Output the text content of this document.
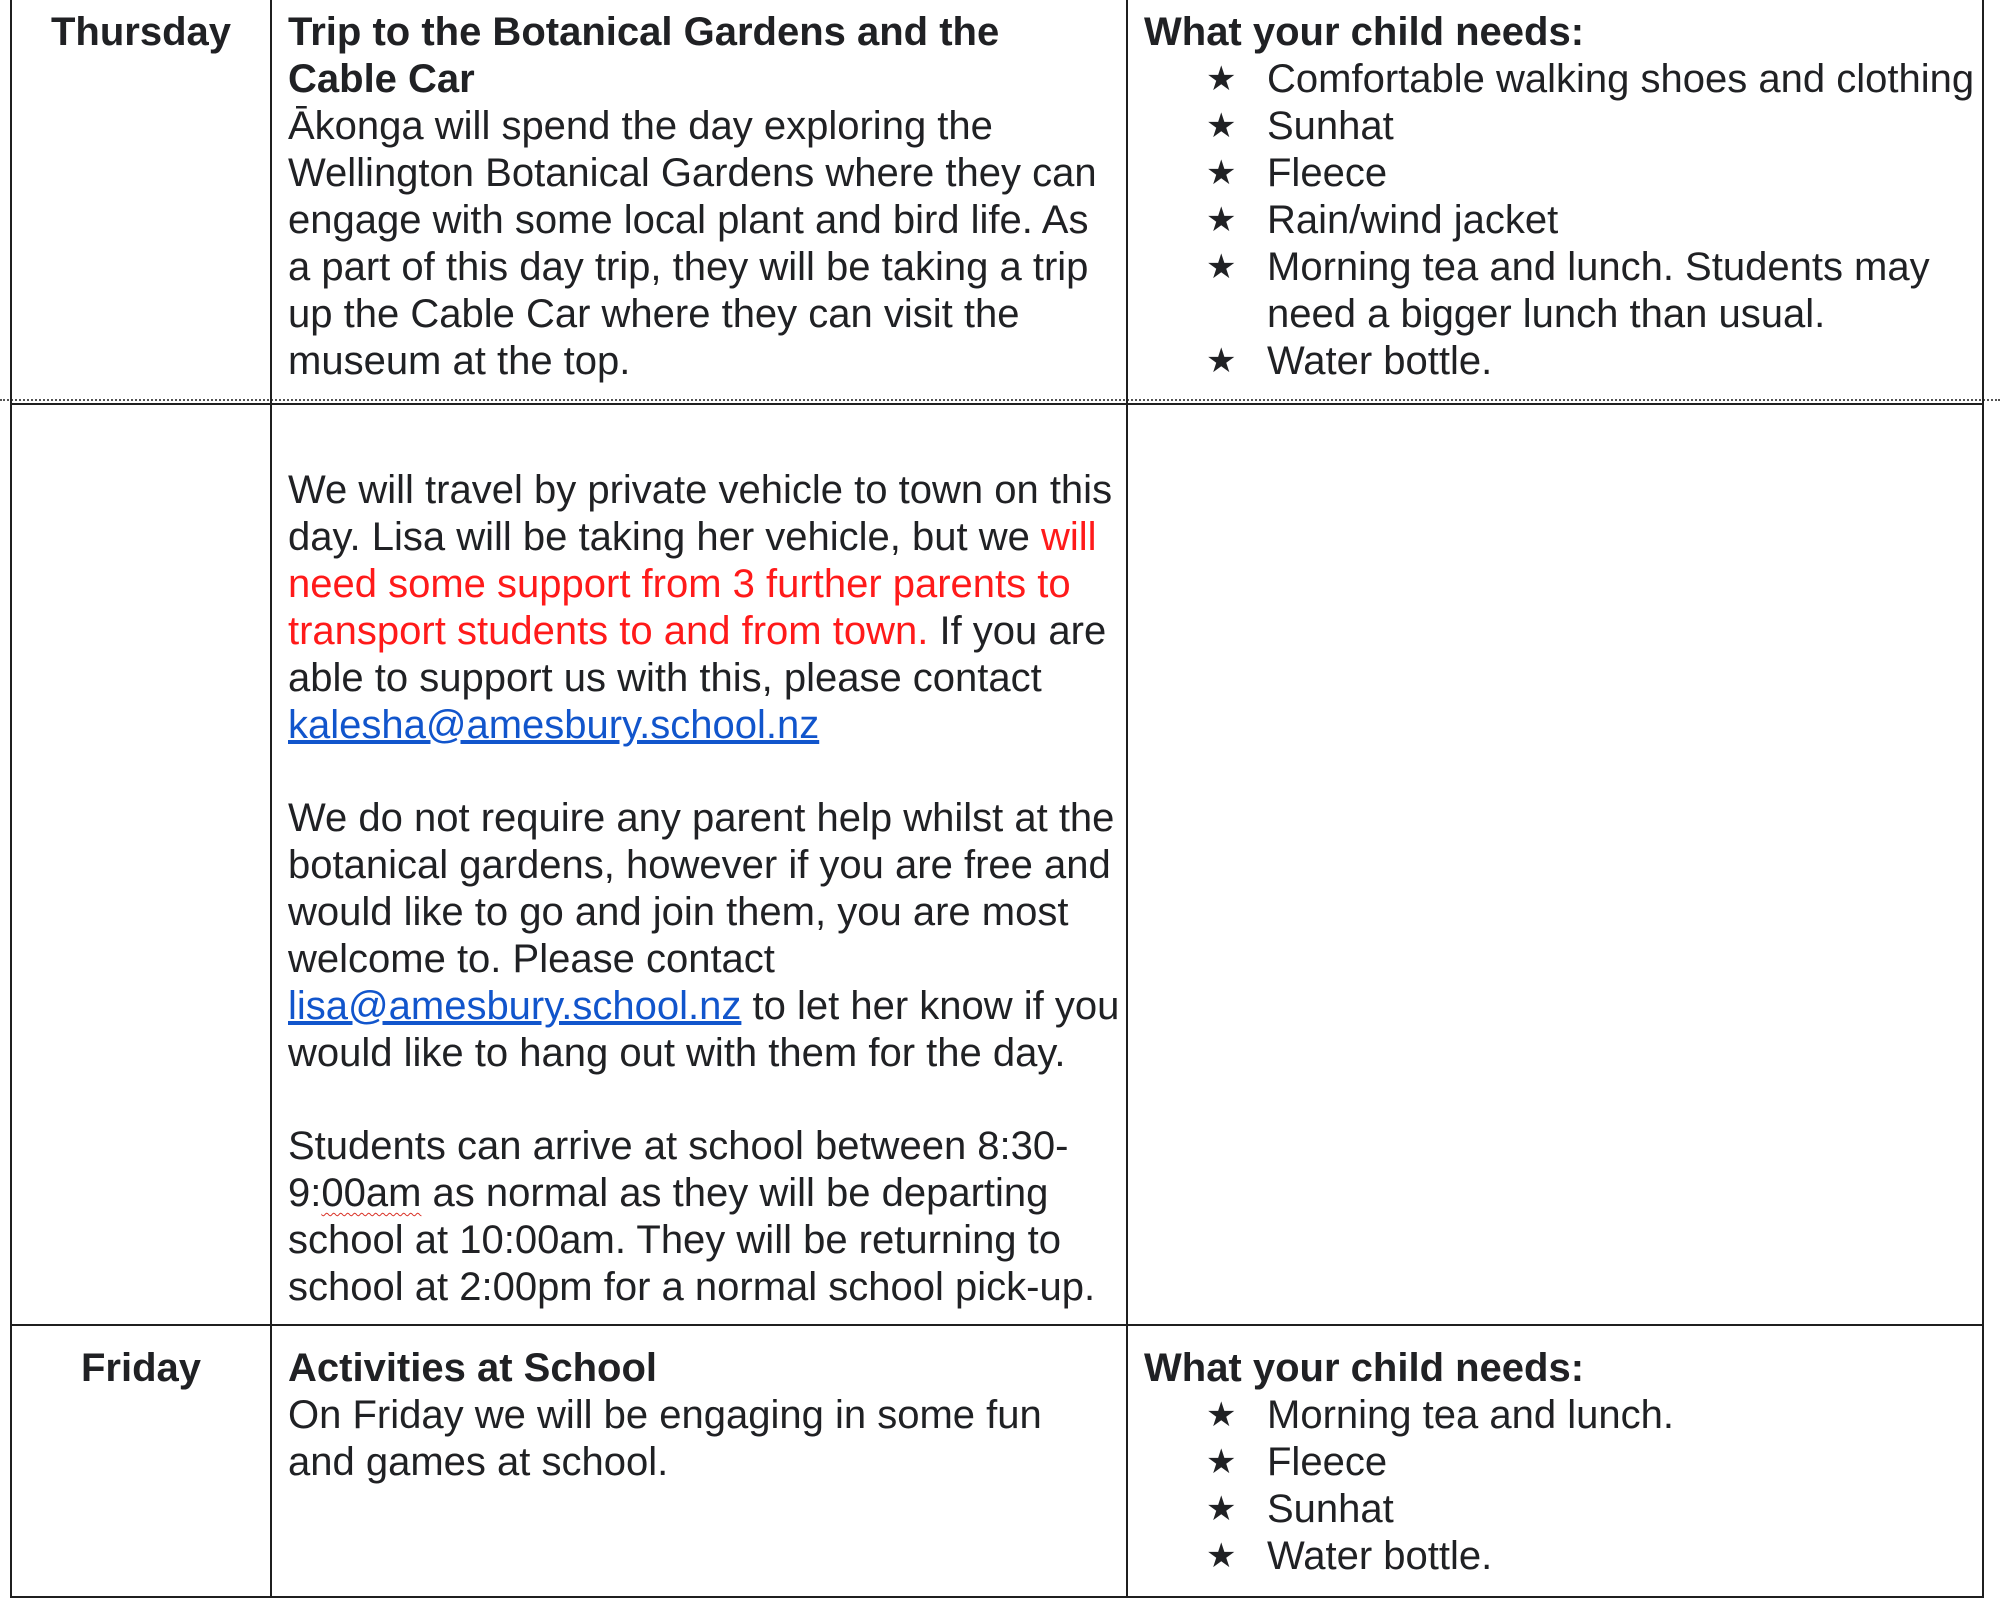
Thursday	Trip to the Botanical Gardens and the Cable Car
Ākonga will spend the day exploring the Wellington Botanical Gardens where they can engage with some local plant and bird life. As a part of this day trip, they will be taking a trip up the Cable Car where they can visit the museum at the top.
What your child needs:
★ Comfortable walking shoes and clothing
★ Sunhat
★ Fleece
★ Rain/wind jacket
★ Morning tea and lunch. Students may need a bigger lunch than usual.
★ Water bottle.

We will travel by private vehicle to town on this day. Lisa will be taking her vehicle, but we will need some support from 3 further parents to transport students to and from town. If you are able to support us with this, please contact
kalesha@amesbury.school.nz

We do not require any parent help whilst at the botanical gardens, however if you are free and would like to go and join them, you are most welcome to. Please contact lisa@amesbury.school.nz to let her know if you would like to hang out with them for the day.

Students can arrive at school between 8:30-9:00am as normal as they will be departing school at 10:00am. They will be returning to school at 2:00pm for a normal school pick-up.

Friday	Activities at School
On Friday we will be engaging in some fun and games at school.
What your child needs:
★ Morning tea and lunch.
★ Fleece
★ Sunhat
★ Water bottle.
